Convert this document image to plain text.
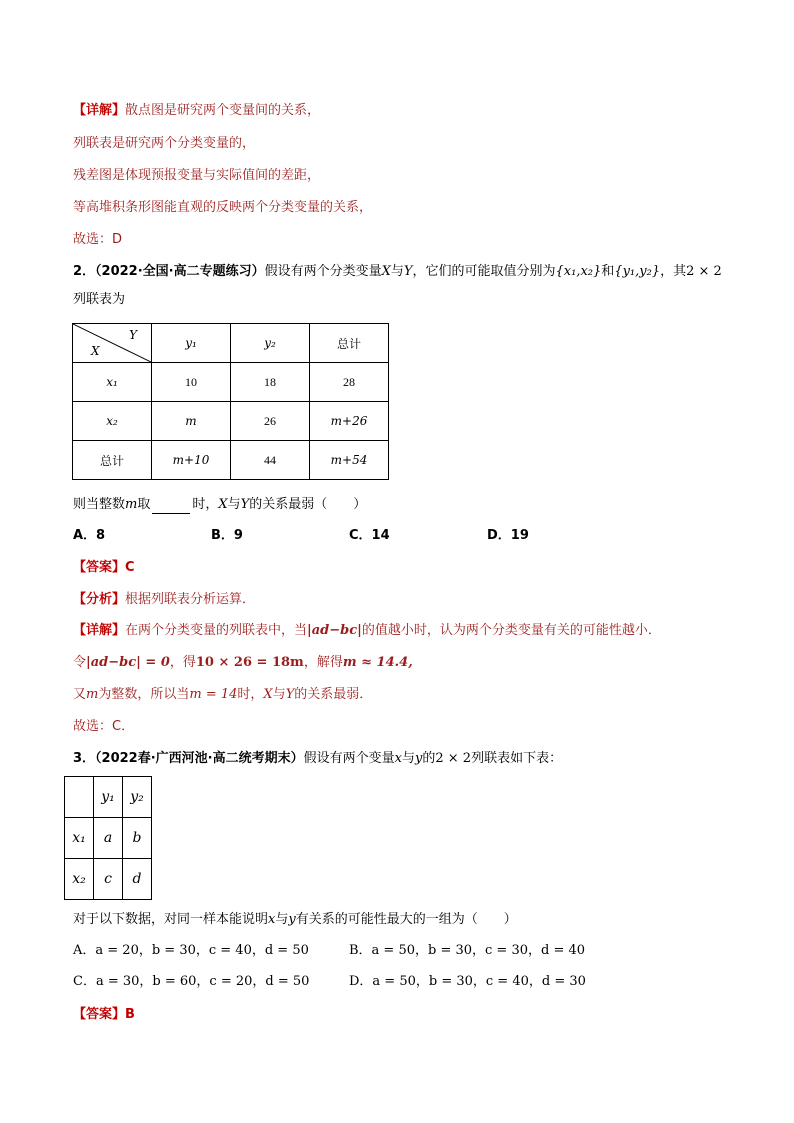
【详解】散点图是研究两个变量间的关系，
列联表是研究两个分类变量的，
残差图是体现预报变量与实际值间的差距，
等高堆积条形图能直观的反映两个分类变量的关系，
故选：D
2．（2022·全国·高二专题练习）假设有两个分类变量X与Y，它们的可能取值分别为{x₁,x₂}和{y₁,y₂}，其2 × 2
列联表为
Y
X	y₁	y₂	总计
x₁	10	18	28
x₂	m	26	m+26
总计	m+10	44	m+54
则当整数m取	时，X与Y的关系最弱（　　）
A．8	B．9	C．14	D．19
【答案】C
【分析】根据列联表分析运算．
【详解】在两个分类变量的列联表中，当|ad−bc|的值越小时，认为两个分类变量有关的可能性越小．
令|ad−bc| = 0，得10 × 26 = 18m，解得m ≈ 14.4,
又m为整数，所以当m = 14时，X与Y的关系最弱．
故选：C．
3．（2022春·广西河池·高二统考期末）假设有两个变量x与y的2 × 2列联表如下表：
	y₁	y₂
x₁	a	b
x₂	c	d
对于以下数据，对同一样本能说明x与y有关系的可能性最大的一组为（　　）
A．a = 20，b = 30，c = 40，d = 50	B．a = 50，b = 30，c = 30，d = 40
C．a = 30，b = 60，c = 20，d = 50	D．a = 50，b = 30，c = 40，d = 30
【答案】B
